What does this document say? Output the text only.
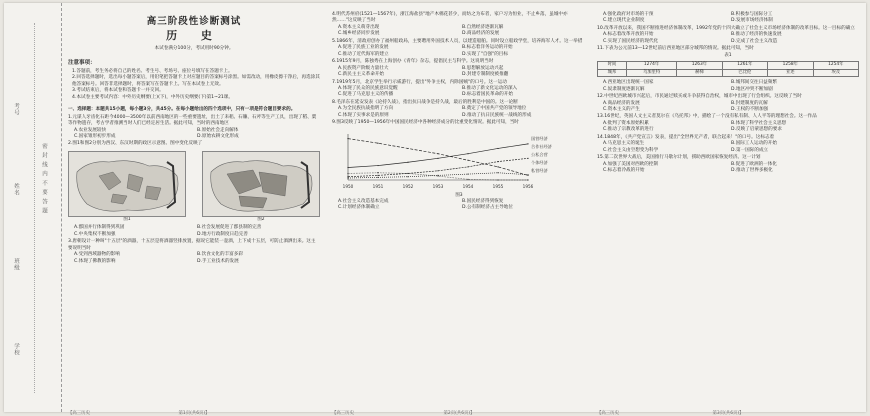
考号
姓名
班级
学校
密 封 线 内 不 要 答 题
高三阶段性诊断测试
历 史
本试卷满分100分，考试用时90分钟。
注意事项：

1.答题前，考生务必将自己的姓名、考生号、考场号、座位号填写在答题卡上。

2.回答选择题时，选出每小题答案后，用铅笔把答题卡上对应题目的答案标号涂黑。如需改动，用橡皮擦干净后，再选涂其他答案标号。回答非选择题时，将答案写在答题卡上。写在本试卷上无效。

3.考试结束后，将本试卷和答题卡一并交回。

4.本试卷主要考试内容：中外历史纲要(上)(下)，中外历史纲要(下)第1~21课。

一、选择题：本题共15小题，每小题3分，共45分。在每小题给出的四个选项中，只有一项是符合题目要求的。

1.元谋人牙齿化石距今4000—3500年以前西南地区的一些重要遗址，出土了耒耜、石镰、石斧等生产工具，出现了稻、粟等作物遗存，考古学者推测当时人们已经定居生活。据此可知，当时的西南地区

A.农业发展较快	B.原始社会走向解体
C.国家雏形初步形成	D.原始农耕文化形成

2.图1和图2分别为西汉、东汉时期的政区示意图。图中变化反映了

图1	图2
A.郡国并行体制得到巩固	B.社会发展促进了郡县制的完善
C.中央集权不断加强	D.地方行政制度日趋完善

3.唐朝设计一种叫"十五层"的酒器，十五层是将酒器竖排放置，据说它能装一壶酒，上下成十五层，可防止酒洒出来。这主要说明当时

A.受到西域器物的影响	B.饮食文化的丰富多彩
C.体现了佛教的影响	D.手工业技术的发展

4.明代苏州府(1521—1567年)，浙江海盐县"地产木棉花甚少，而纺之为布者，家户习为恒业，不止乡落，虽城中亦然……"这反映了当时

A.资本主义萌芽出现	B.自然经济逐渐瓦解
C.城乡经济同步发展	D.商品经济的发展

5.1866年，清政府创办了福州船政局，主要聘用外国技术人员，以建造船舶。同时设立船政学堂，培养海军人才。这一举措

A.促进了民族工业的发展	B.标志着洋务运动的开始
C.推动了近代海军的建立	D.实现了"自强"的目标

6.1915年9月，陈独秀在上海创办《青年》杂志，提倡民主与科学。这说明当时

A.民族资产阶级力量壮大	B.思想解放运动兴起
C.新民主主义革命开始	D.封建专制制度被推翻

7.1919年5月，北京学生举行示威游行，提出"外争主权，内除国贼"的口号。这一运动

A.体现了民众的民族意识觉醒	B.推动了新文化运动的深入
C.促进了马克思主义的传播	D.标志着国民革命的开始

8.毛泽东在延安发表《论持久战》，指出抗日战争是持久战，最后的胜利是中国的。这一论断

A.为全民族抗战指明了方向	B.奠定了中国共产党的领导地位
C.体现了实事求是的原则	D.推动了抗日民族统一战线的形成

9.图3反映了1950—1956年中国国民经济中各种经济成分的比重变化情况。据此可知，当时

1950	1951	1952	1953	1954	1955	1956
国营经济
合作社经济
公私合营
个体经济
私营经济
图3
A.社会主义改造基本完成	B.国民经济得到恢复
C.计划经济体制确立	D.公有制经济占主导地位
A.强化政府对市场的干预	B.积极参与国际分工
C.建立现代企业制度	D.发展市场经济体制

10.改革开放以来，我国不断推进经济体制改革，1992年党的十四大确立了社会主义市场经济体制的改革目标。这一目标的确立

A.标志着改革开放的开始	B.推动了经济的快速发展
C.实现了国民经济的现代化	D.完成了社会主义改造

11.下表为公元前13—12世纪前后西亚地区部分城邦的情况。据此可知，当时

表1
时间	1274年	1263年	1261年	1258年	1254年
城邦	乌加里特	赫梯	巴比伦	亚述	埃及
A.西亚地区出现统一国家	B.城邦间交往日益频繁
C.奴隶制度逐渐瓦解	D.地区冲突不断加剧

12.中世纪西欧城市兴起后，市民通过赎买或斗争获得自治权，城市中出现了行会组织。这反映了当时

A.商品经济的发展	B.封建制度的瓦解
C.资本主义的产生	D.王权的不断加强

13.16世纪，英国人文主义者莫尔在《乌托邦》中，描绘了一个没有私有制、人人平等的理想社会。这一作品

A.批判了资本原始积累	B.体现了科学社会主义思想
C.推动了宗教改革的进行	D.反映了启蒙思想的要求

14.1848年，《共产党宣言》发表，提出"全世界无产者，联合起来！"的口号。这标志着

A.马克思主义的诞生	B.国际工人运动的开始
C.社会主义由空想变为科学	D.第一国际的成立

15.第二次世界大战后，美国推行马歇尔计划，援助西欧国家恢复经济。这一计划

A.加强了美国对西欧的控制	B.促进了欧洲的一体化
C.标志着冷战的开始	D.推动了世界多极化
【高三历史	第1页(共6页)】	【高三历史	第2页(共6页)】	【高三历史	第3页(共6页)】
